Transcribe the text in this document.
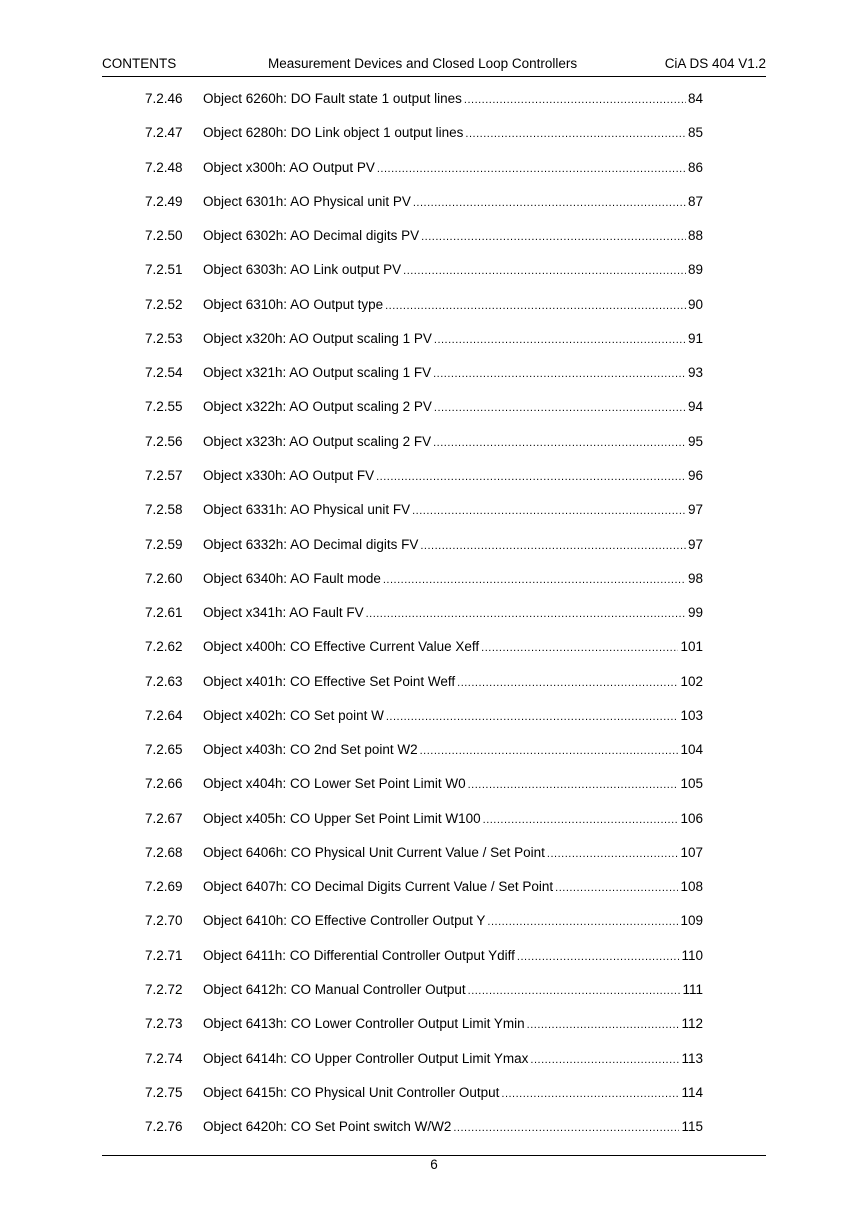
CONTENTS	Measurement Devices and Closed Loop Controllers	CiA DS 404 V1.2
7.2.46 Object 6260h: DO Fault state 1 output lines .....	84
7.2.47 Object 6280h: DO Link object 1 output lines .....	85
7.2.48 Object x300h: AO Output PV .....	86
7.2.49 Object 6301h: AO Physical unit PV .....	87
7.2.50 Object 6302h: AO Decimal digits PV .....	88
7.2.51 Object 6303h: AO Link output PV .....	89
7.2.52 Object 6310h: AO Output type .....	90
7.2.53 Object x320h: AO Output scaling 1 PV .....	91
7.2.54 Object x321h: AO Output scaling 1 FV .....	93
7.2.55 Object x322h: AO Output scaling 2 PV .....	94
7.2.56 Object x323h: AO Output scaling 2 FV .....	95
7.2.57 Object x330h: AO Output FV .....	96
7.2.58 Object 6331h: AO Physical unit FV .....	97
7.2.59 Object 6332h: AO Decimal digits FV .....	97
7.2.60 Object 6340h: AO Fault mode .....	98
7.2.61 Object x341h: AO Fault FV .....	99
7.2.62 Object x400h: CO Effective Current Value Xeff .....	101
7.2.63 Object x401h: CO Effective Set Point Weff .....	102
7.2.64 Object x402h: CO Set point W .....	103
7.2.65 Object x403h: CO 2nd Set point W2 .....	104
7.2.66 Object x404h: CO Lower Set Point Limit W0 .....	105
7.2.67 Object x405h: CO Upper Set Point Limit W100 .....	106
7.2.68 Object 6406h: CO Physical Unit Current Value / Set Point .....	107
7.2.69 Object 6407h: CO Decimal Digits Current Value / Set Point .....	108
7.2.70 Object 6410h: CO Effective Controller Output Y .....	109
7.2.71 Object 6411h: CO Differential Controller Output Ydiff .....	110
7.2.72 Object 6412h: CO Manual Controller Output .....	111
7.2.73 Object 6413h: CO Lower Controller Output Limit Ymin .....	112
7.2.74 Object 6414h: CO Upper Controller Output Limit Ymax .....	113
7.2.75 Object 6415h: CO Physical Unit Controller Output .....	114
7.2.76 Object 6420h: CO Set Point switch W/W2 .....	115
6
